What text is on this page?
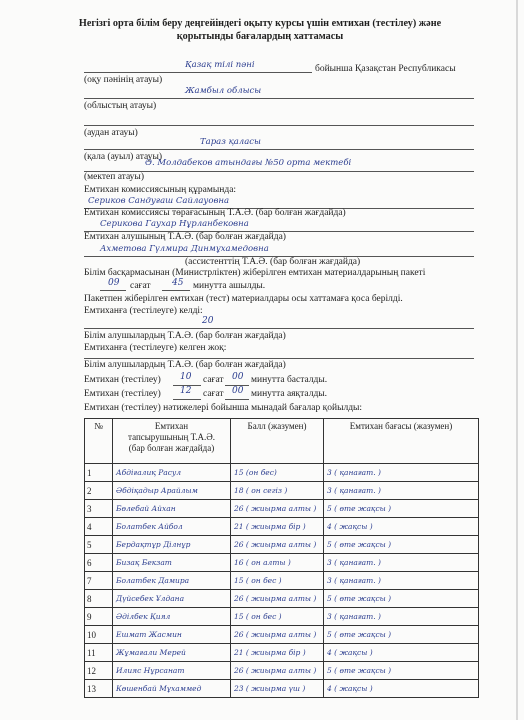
Негізгі орта білім беру деңгейіндегі оқыту курсы үшін емтихан (тестілеу) және
қорытынды бағалардың хаттамасы
Қазақ тілі пәні	бойынша Қазақстан Республикасы
(оқу пәнінің атауы)
Жамбыл облысы
(облыстың атауы)
(аудан атауы)
Тараз қаласы
(қала (ауыл) атауы)
Ә. Молдабеков атындағы №50 орта мектебі
(мектеп атауы)
Емтихан комиссиясының құрамында:
Сериков Сандуғаш Сайлауовна
Емтихан комиссиясы төрағасының Т.А.Ә. (бар болған жағдайда)
Серикова Гаухар Нұрланбековна
Емтихан алушының Т.А.Ә. (бар болған жағдайда)
Ахметова Гүлмира Динмұхамедовна
(ассистенттің Т.А.Ә. (бар болған жағдайда)
Білім басқармасынан (Министрліктен) жіберілген емтихан материалдарының пакеті
09 сағат 45 минутта ашылды.
Пакетпен жіберілген емтихан (тест) материалдары осы хаттамаға қоса берілді.
Емтиханға (тестілеуге) келді:
20
Білім алушылардың Т.А.Ә. (бар болған жағдайда)
Емтиханға (тестілеуге) келген жоқ:
Білім алушылардың Т.А.Ә. (бар болған жағдайда)
Емтихан (тестілеу) 10 сағат 00 минутта басталды.
Емтихан (тестілеу) 12 сағат 00 минутта аяқталды.
Емтихан (тестілеу) нәтижелері бойынша мынадай бағалар қойылды:
№	Емтихан
тапсырушының Т.А.Ә.
(бар болған жағдайда)	Балл (жазумен)	Емтихан бағасы (жазумен)
1	Абдіғалиқ Расул	15 (он бес)	3 ( қанағат. )
2	Әбдіқадыр Арайлым	18 ( он сегіз )	3 ( қанағат. )
3	Бөлебай Айхан	26 ( жиырма алты )	5 ( өте жақсы )
4	Болатбек Айбол	21 ( жиырма бір )	4 ( жақсы )
5	Бердақтұр Ділнұр	26 ( жиырма алты )	5 ( өте жақсы )
6	Бизақ Бекзат	16 ( он алты )	3 ( қанағат. )
7	Болатбек Дамира	15 ( он бес )	3 ( қанағат. )
8	Дүйсебек Ұлдана	26 ( жиырма алты )	5 ( өте жақсы )
9	Әділбек Қиял	15 ( он бес )	3 ( қанағат. )
10	Ешмат Жасмин	26 ( жиырма алты )	5 ( өте жақсы )
11	Жұмағали Мерей	21 ( жиырма бір )	4 ( жақсы )
12	Илияс Нұрсанат	26 ( жиырма алты )	5 ( өте жақсы )
13	Көшенбай Мұхаммед	23 ( жиырма үш )	4 ( жақсы )
